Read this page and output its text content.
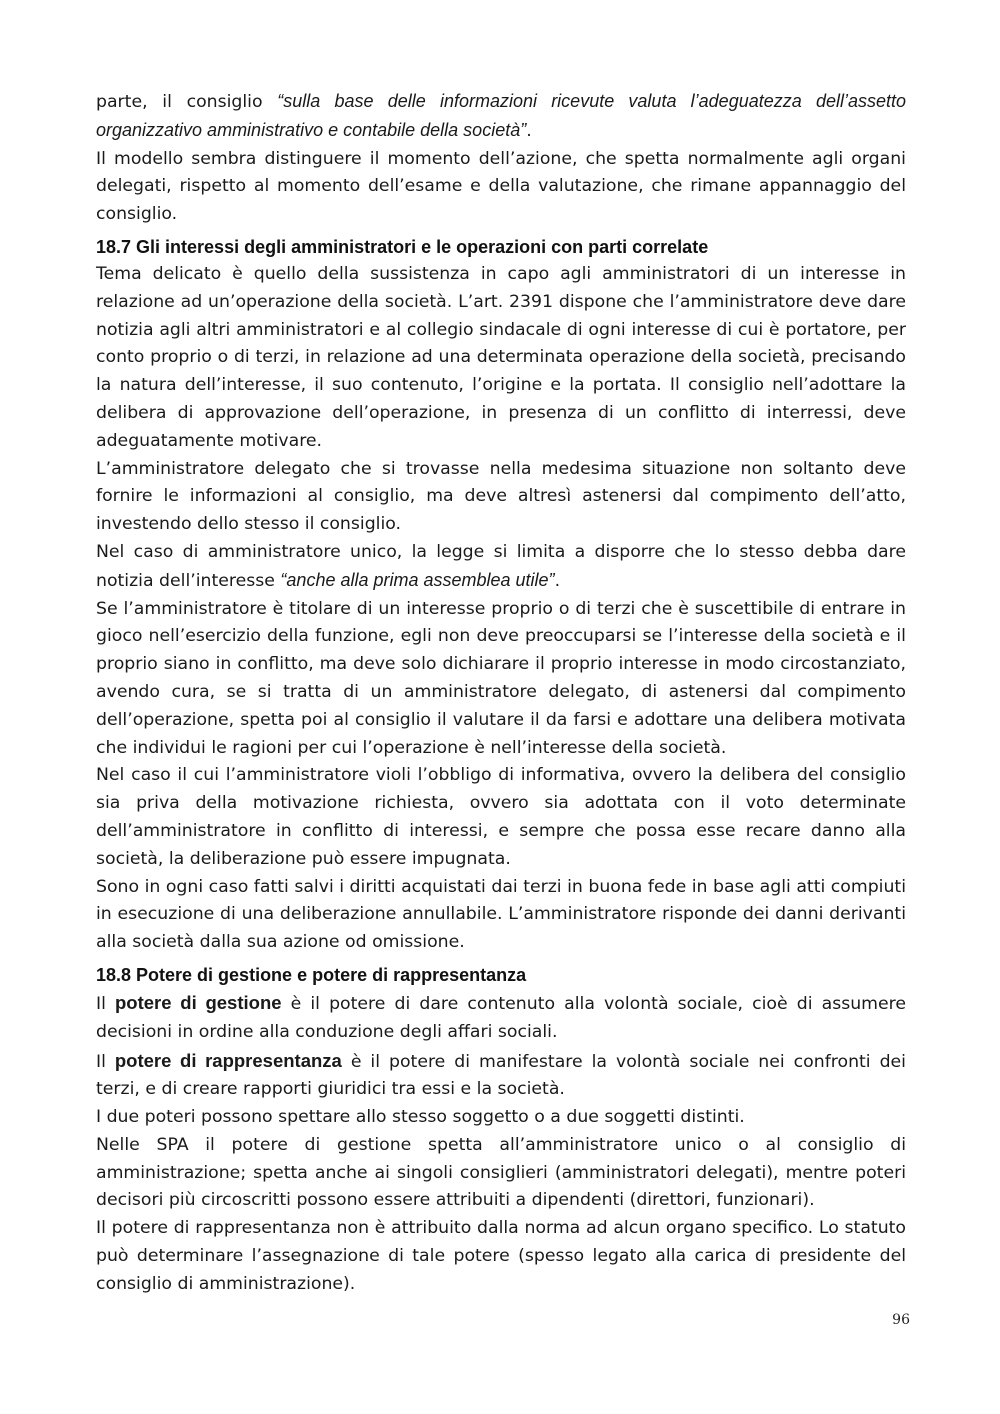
parte, il consiglio “sulla base delle informazioni ricevute valuta l’adeguatezza dell’assetto organizzativo amministrativo e contabile della società”.

Il modello sembra distinguere il momento dell’azione, che spetta normalmente agli organi delegati, rispetto al momento dell’esame e della valutazione, che rimane appannaggio del consiglio.

18.7 Gli interessi degli amministratori e le operazioni con parti correlate

Tema delicato è quello della sussistenza in capo agli amministratori di un interesse in relazione ad un’operazione della società. L’art. 2391 dispone che l’amministratore deve dare notizia agli altri amministratori e al collegio sindacale di ogni interesse di cui è portatore, per conto proprio o di terzi, in relazione ad una determinata operazione della società, precisando la natura dell’interesse, il suo contenuto, l’origine e la portata. Il consiglio nell’adottare la delibera di approvazione dell’operazione, in presenza di un conflitto di interressi, deve adeguatamente motivare.

L’amministratore delegato che si trovasse nella medesima situazione non soltanto deve fornire le informazioni al consiglio, ma deve altresì astenersi dal compimento dell’atto, investendo dello stesso il consiglio.

Nel caso di amministratore unico, la legge si limita a disporre che lo stesso debba dare notizia dell’interesse “anche alla prima assemblea utile”.

Se l’amministratore è titolare di un interesse proprio o di terzi che è suscettibile di entrare in gioco nell’esercizio della funzione, egli non deve preoccuparsi se l’interesse della società e il proprio siano in conflitto, ma deve solo dichiarare il proprio interesse in modo circostanziato, avendo cura, se si tratta di un amministratore delegato, di astenersi dal compimento dell’operazione, spetta poi al consiglio il valutare il da farsi e adottare una delibera motivata che individui le ragioni per cui l’operazione è nell’interesse della società.

Nel caso il cui l’amministratore violi l’obbligo di informativa, ovvero la delibera del consiglio sia priva della motivazione richiesta, ovvero sia adottata con il voto determinate dell’amministratore in conflitto di interessi, e sempre che possa esse recare danno alla società, la deliberazione può essere impugnata.

Sono in ogni caso fatti salvi i diritti acquistati dai terzi in buona fede in base agli atti compiuti in esecuzione di una deliberazione annullabile. L’amministratore risponde dei danni derivanti alla società dalla sua azione od omissione.

18.8 Potere di gestione e potere di rappresentanza

Il potere di gestione è il potere di dare contenuto alla volontà sociale, cioè di assumere decisioni in ordine alla conduzione degli affari sociali.

Il potere di rappresentanza è il potere di manifestare la volontà sociale nei confronti dei terzi, e di creare rapporti giuridici tra essi e la società.

I due poteri possono spettare allo stesso soggetto o a due soggetti distinti.

Nelle SPA il potere di gestione spetta all’amministratore unico o al consiglio di amministrazione; spetta anche ai singoli consiglieri (amministratori delegati), mentre poteri decisori più circoscritti possono essere attribuiti a dipendenti (direttori, funzionari).

Il potere di rappresentanza non è attribuito dalla norma ad alcun organo specifico. Lo statuto può determinare l’assegnazione di tale potere (spesso legato alla carica di presidente del consiglio di amministrazione).

96
